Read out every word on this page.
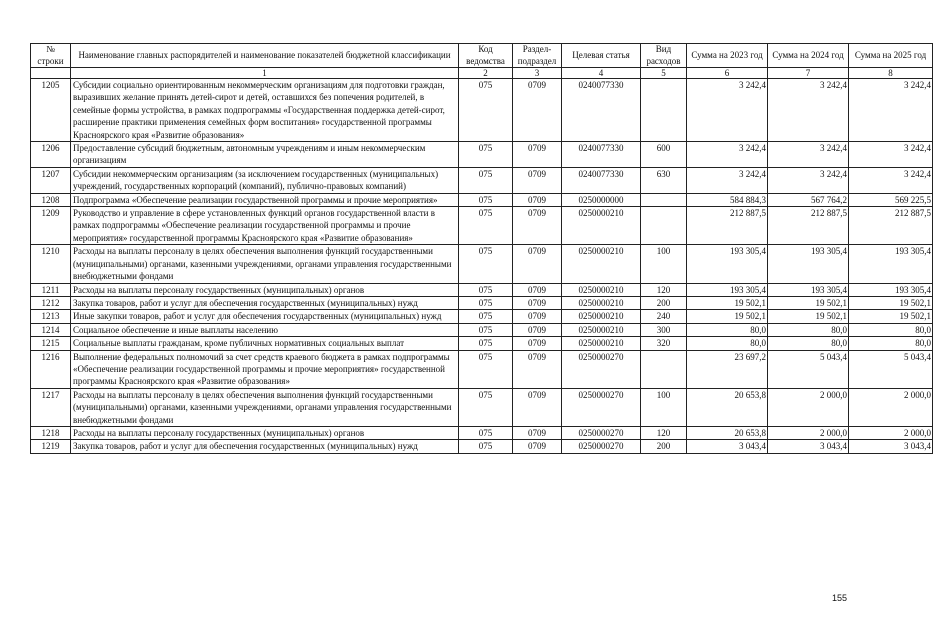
№ строки	Наименование главных распорядителей и наименование показателей бюджетной классификации	Код ведомства	Раздел-подраздел	Целевая статья	Вид расходов	Сумма на 2023 год	Сумма на 2024 год	Сумма на 2025 год
	1	2	3	4	5	6	7	8
1205	Субсидии социально ориентированным некоммерческим организациям для подготовки граждан, выразивших желание принять детей-сирот и детей, оставшихся без попечения родителей, в семейные формы устройства, в рамках подпрограммы «Государственная поддержка детей-сирот, расширение практики применения семейных форм воспитания» государственной программы Красноярского края «Развитие образования»	075	0709	0240077330		3 242,4	3 242,4	3 242,4
1206	Предоставление субсидий бюджетным, автономным учреждениям и иным некоммерческим организациям	075	0709	0240077330	600	3 242,4	3 242,4	3 242,4
1207	Субсидии некоммерческим организациям (за исключением государственных (муниципальных) учреждений, государственных корпораций (компаний), публично-правовых компаний)	075	0709	0240077330	630	3 242,4	3 242,4	3 242,4
1208	Подпрограмма «Обеспечение реализации государственной программы и прочие мероприятия»	075	0709	0250000000		584 884,3	567 764,2	569 225,5
1209	Руководство и управление в сфере установленных функций органов государственной власти в рамках подпрограммы «Обеспечение реализации государственной программы и прочие мероприятия» государственной программы Красноярского края «Развитие образования»	075	0709	0250000210		212 887,5	212 887,5	212 887,5
1210	Расходы на выплаты персоналу в целях обеспечения выполнения функций государственными (муниципальными) органами, казенными учреждениями, органами управления государственными внебюджетными фондами	075	0709	0250000210	100	193 305,4	193 305,4	193 305,4
1211	Расходы на выплаты персоналу государственных (муниципальных) органов	075	0709	0250000210	120	193 305,4	193 305,4	193 305,4
1212	Закупка товаров, работ и услуг для обеспечения государственных (муниципальных) нужд	075	0709	0250000210	200	19 502,1	19 502,1	19 502,1
1213	Иные закупки товаров, работ и услуг для обеспечения государственных (муниципальных) нужд	075	0709	0250000210	240	19 502,1	19 502,1	19 502,1
1214	Социальное обеспечение и иные выплаты населению	075	0709	0250000210	300	80,0	80,0	80,0
1215	Социальные выплаты гражданам, кроме публичных нормативных социальных выплат	075	0709	0250000210	320	80,0	80,0	80,0
1216	Выполнение федеральных полномочий за счет средств краевого бюджета в рамках подпрограммы «Обеспечение реализации государственной программы и прочие мероприятия» государственной программы Красноярского края «Развитие образования»	075	0709	0250000270		23 697,2	5 043,4	5 043,4
1217	Расходы на выплаты персоналу в целях обеспечения выполнения функций государственными (муниципальными) органами, казенными учреждениями, органами управления государственными внебюджетными фондами	075	0709	0250000270	100	20 653,8	2 000,0	2 000,0
1218	Расходы на выплаты персоналу государственных (муниципальных) органов	075	0709	0250000270	120	20 653,8	2 000,0	2 000,0
1219	Закупка товаров, работ и услуг для обеспечения государственных (муниципальных) нужд	075	0709	0250000270	200	3 043,4	3 043,4	3 043,4
155
